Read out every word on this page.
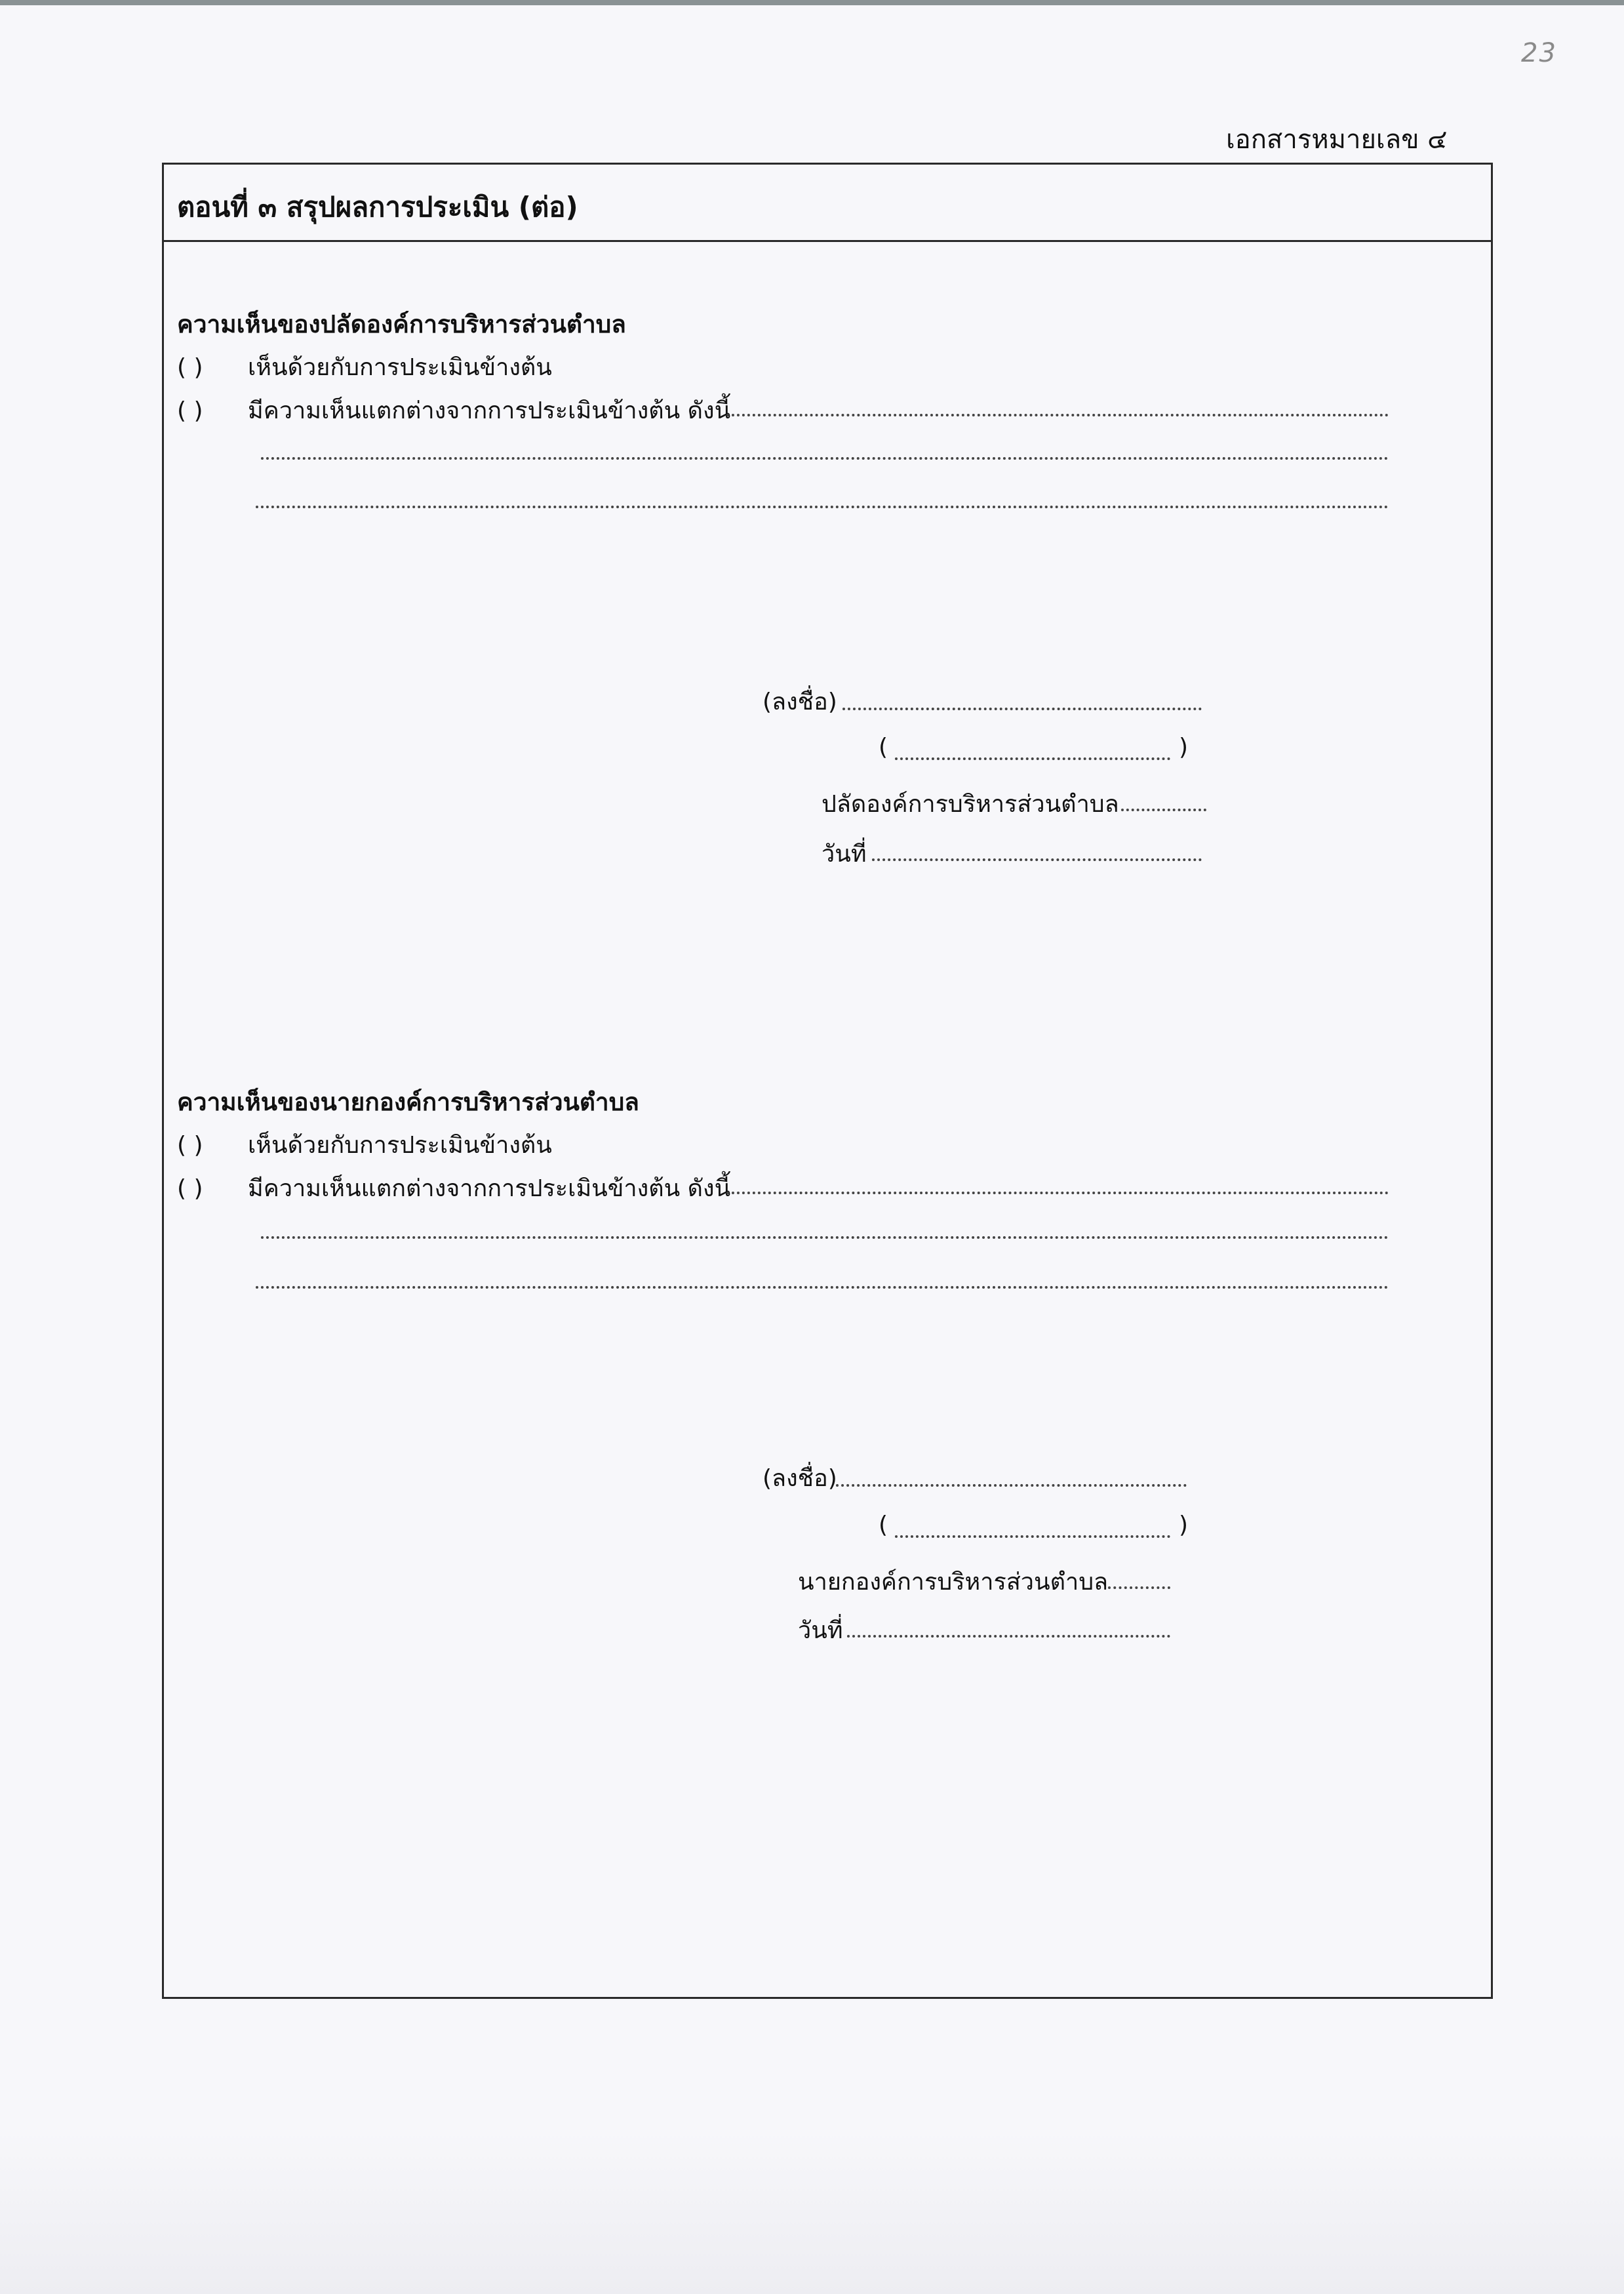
23
เอกสารหมายเลข ๔
ตอนที่ ๓ สรุปผลการประเมิน (ต่อ)
ความเห็นของปลัดองค์การบริหารส่วนตำบล
( ) เห็นด้วยกับการประเมินข้างต้น
( ) มีความเห็นแตกต่างจากการประเมินข้างต้น ดังนี้
(ลงชื่อ)
(	)
ปลัดองค์การบริหารส่วนตำบล
วันที่
ความเห็นของนายกองค์การบริหารส่วนตำบล
( ) เห็นด้วยกับการประเมินข้างต้น
( ) มีความเห็นแตกต่างจากการประเมินข้างต้น ดังนี้
(ลงชื่อ)
(	)
นายกองค์การบริหารส่วนตำบล
วันที่
